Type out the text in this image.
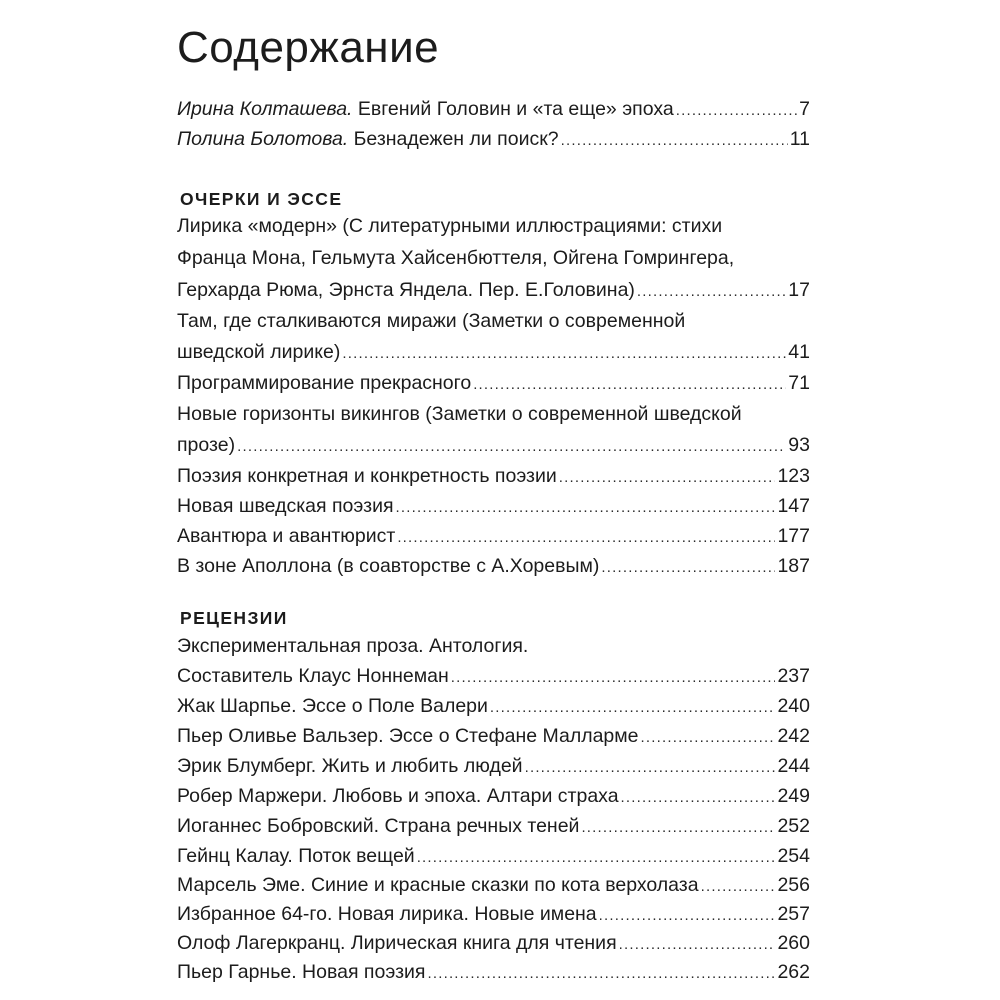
Содержание
Ирина Колташева. Евгений Головин и «та еще» эпоха .....	7
Полина Болотова. Безнадежен ли поиск? .....	11
ОЧЕРКИ И ЭССЕ
Лирика «модерн» (С литературными иллюстрациями: стихи
Франца Мона, Гельмута Хайсенбюттеля, Ойгена Гомрингера,
Герхарда Рюма, Эрнста Яндела. Пер. Е.Головина) .....	17
Там, где сталкиваются миражи (Заметки о современной
шведской лирике) .....	41
Программирование прекрасного .....	71
Новые горизонты викингов (Заметки о современной шведской
прозе) .....	93
Поэзия конкретная и конкретность поэзии .....	123
Новая шведская поэзия .....	147
Авантюра и авантюрист .....	177
В зоне Аполлона (в соавторстве с А.Хоревым) .....	187
РЕЦЕНЗИИ
Экспериментальная проза. Антология.
Составитель Клаус Ноннеман .....	237
Жак Шарпье. Эссе о Поле Валери .....	240
Пьер Оливье Вальзер. Эссе о Стефане Малларме .....	242
Эрик Блумберг. Жить и любить людей .....	244
Робер Маржери. Любовь и эпоха. Алтари страха .....	249
Иоганнес Бобровский. Страна речных теней .....	252
Гейнц Калау. Поток вещей .....	254
Марсель Эме. Синие и красные сказки по кота верхолаза .....	256
Избранное 64-го. Новая лирика. Новые имена .....	257
Олоф Лагеркранц. Лирическая книга для чтения .....	260
Пьер Гарнье. Новая поэзия .....	262
